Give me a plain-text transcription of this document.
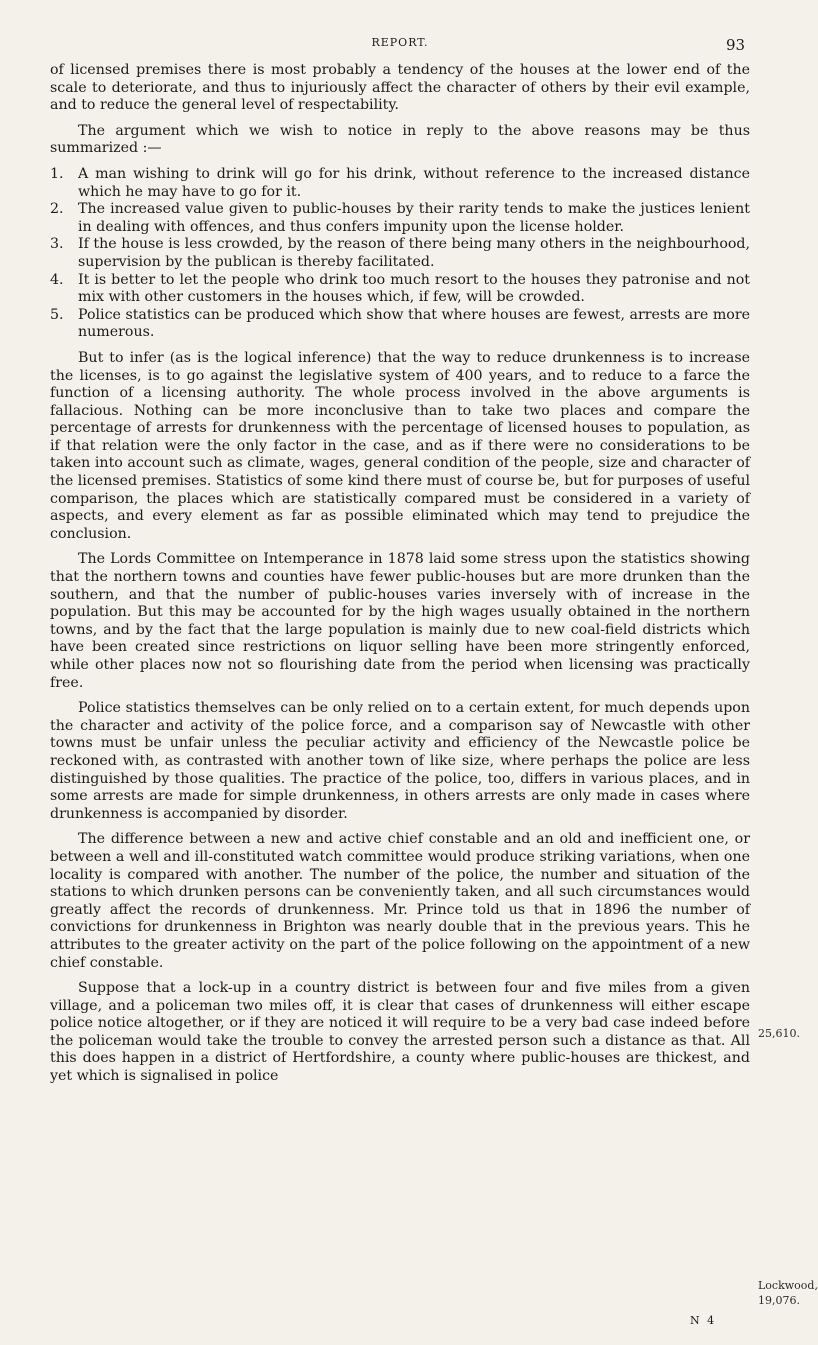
REPORT.	93

of licensed premises there is most probably a tendency of the houses at the lower end of the scale to deteriorate, and thus to injuriously affect the character of others by their evil example, and to reduce the general level of respectability.

The argument which we wish to notice in reply to the above reasons may be thus summarized :—

1.	A man wishing to drink will go for his drink, without reference to the increased distance which he may have to go for it.
2.	The increased value given to public-houses by their rarity tends to make the justices lenient in dealing with offences, and thus confers impunity upon the license holder.
3.	If the house is less crowded, by the reason of there being many others in the neighbourhood, supervision by the publican is thereby facilitated.
4.	It is better to let the people who drink too much resort to the houses they patronise and not mix with other customers in the houses which, if few, will be crowded.
5.	Police statistics can be produced which show that where houses are fewest, arrests are more numerous.

But to infer (as is the logical inference) that the way to reduce drunkenness is to increase the licenses, is to go against the legislative system of 400 years, and to reduce to a farce the function of a licensing authority. The whole process involved in the above arguments is fallacious. Nothing can be more inconclusive than to take two places and compare the percentage of arrests for drunkenness with the percentage of licensed houses to population, as if that relation were the only factor in the case, and as if there were no considerations to be taken into account such as climate, wages, general condition of the people, size and character of the licensed premises. Statistics of some kind there must of course be, but for purposes of useful comparison, the places which are statistically compared must be considered in a variety of aspects, and every element as far as possible eliminated which may tend to prejudice the conclusion.

The Lords Committee on Intemperance in 1878 laid some stress upon the statistics showing that the northern towns and counties have fewer public-houses but are more drunken than the southern, and that the number of public-houses varies inversely with of increase in the population. But this may be accounted for by the high wages usually obtained in the northern towns, and by the fact that the large population is mainly due to new coal-field districts which have been created since restrictions on liquor selling have been more stringently enforced, while other places now not so flourishing date from the period when licensing was practically free.

Police statistics themselves can be only relied on to a certain extent, for much depends upon the character and activity of the police force, and a comparison say of Newcastle with other towns must be unfair unless the peculiar activity and efficiency of the Newcastle police be reckoned with, as contrasted with another town of like size, where perhaps the police are less distinguished by those qualities. The practice of the police, too, differs in various places, and in some arrests are made for simple drunkenness, in others arrests are only made in cases where drunkenness is accompanied by disorder.

The difference between a new and active chief constable and an old and inefficient one, or between a well and ill-constituted watch committee would produce striking variations, when one locality is compared with another. The number of the police, the number and situation of the stations to which drunken persons can be conveniently taken, and all such circumstances would greatly affect the records of drunkenness. Mr. Prince told us that in 1896 the number of convictions for drunkenness in Brighton was nearly double that in the previous years. This he attributes to the greater activity on the part of the police following on the appointment of a new chief constable.

Suppose that a lock-up in a country district is between four and five miles from a given village, and a policeman two miles off, it is clear that cases of drunkenness will either escape police notice altogether, or if they are noticed it will require to be a very bad case indeed before the policeman would take the trouble to convey the arrested person such a distance as that. All this does happen in a district of Hertfordshire, a county where public-houses are thickest, and yet which is signalised in police

25,610.
Lockwood,
19,076.
N 4
